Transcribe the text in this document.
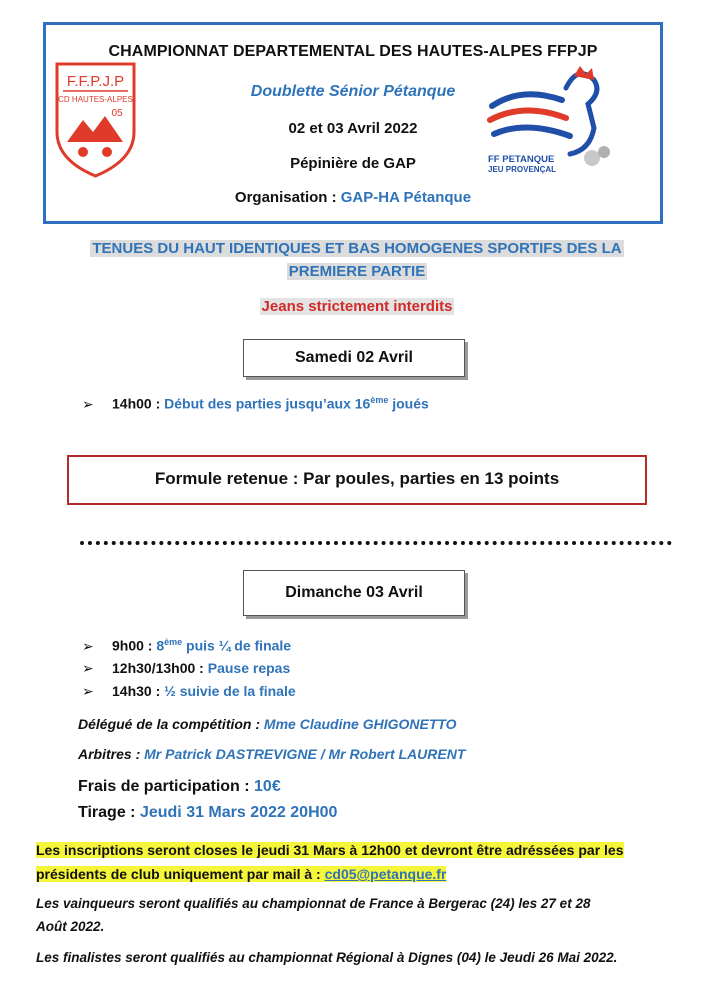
CHAMPIONNAT DEPARTEMENTAL DES HAUTES-ALPES FFPJP
Doublette Sénior Pétanque
02 et 03 Avril 2022
Pépinière de GAP
Organisation : GAP-HA Pétanque
F.F.P.J.P
CD HAUTES-ALPES
05
FF PETANQUE
JEU PROVENÇAL
TENUES DU HAUT IDENTIQUES ET BAS HOMOGENES SPORTIFS DES LA
PREMIERE PARTIE
Jeans strictement interdits
Samedi 02 Avril
➢ 14h00 : Début des parties jusqu’aux 16ème joués
Formule retenue : Par poules, parties en 13 points
Dimanche 03 Avril
➢ 9h00 : 8ème puis ¼ de finale
➢ 12h30/13h00 : Pause repas
➢ 14h30 : ½ suivie de la finale
Délégué de la compétition : Mme Claudine GHIGONETTO
Arbitres : Mr Patrick DASTREVIGNE / Mr Robert LAURENT
Frais de participation : 10€
Tirage : Jeudi 31 Mars 2022 20H00
Les inscriptions seront closes le jeudi 31 Mars à 12h00 et devront être adréssées par les
présidents de club uniquement par mail à : cd05@petanque.fr
Les vainqueurs seront qualifiés au championnat de France à Bergerac (24) les 27 et 28
Août 2022.
Les finalistes seront qualifiés au championnat Régional à Dignes (04) le Jeudi 26 Mai 2022.
